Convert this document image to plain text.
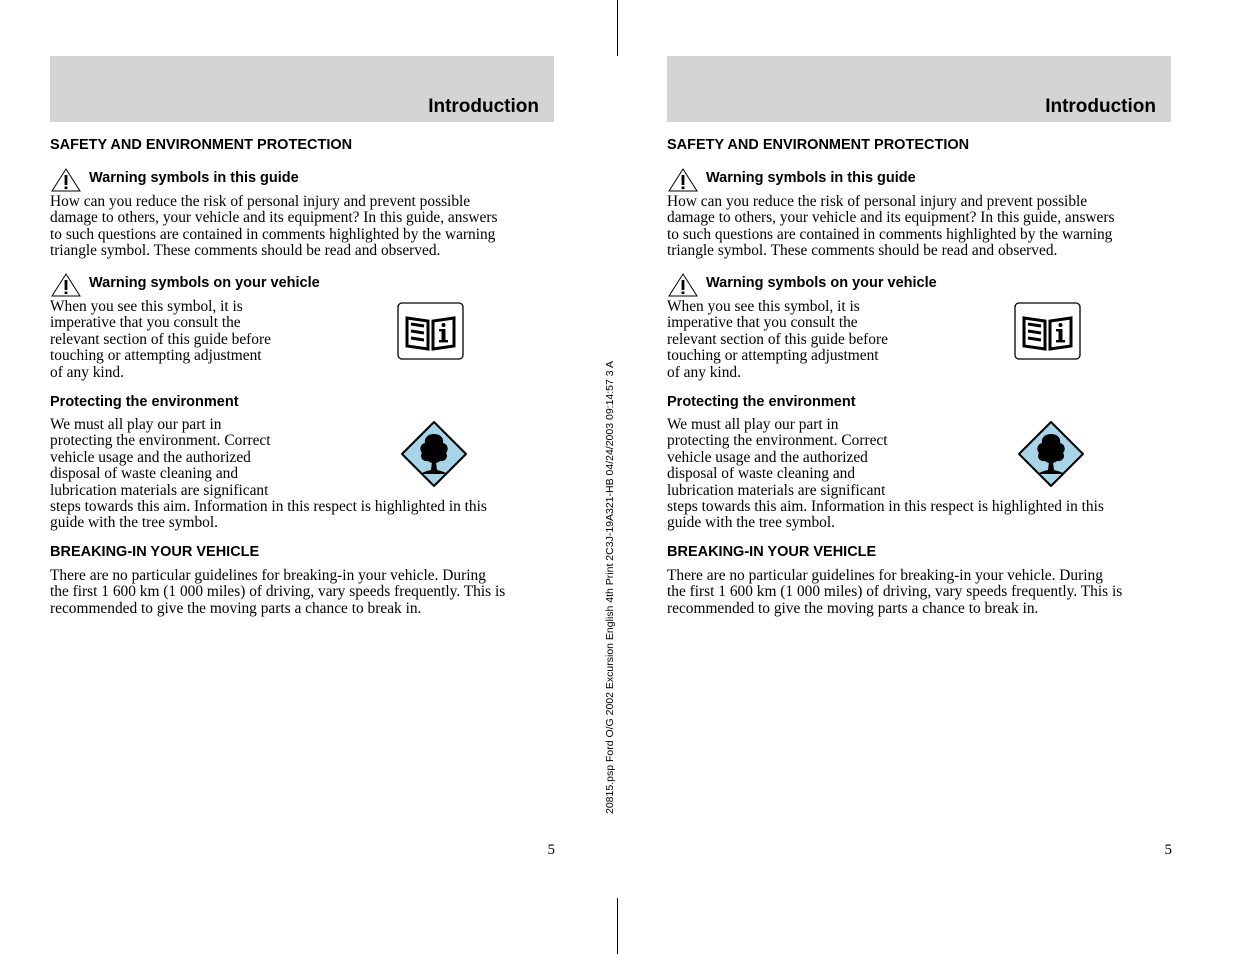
Introduction
SAFETY AND ENVIRONMENT PROTECTION
Warning symbols in this guide
How can you reduce the risk of personal injury and prevent possible
damage to others, your vehicle and its equipment? In this guide, answers
to such questions are contained in comments highlighted by the warning
triangle symbol. These comments should be read and observed.
Warning symbols on your vehicle
When you see this symbol, it is
imperative that you consult the
relevant section of this guide before
touching or attempting adjustment
of any kind.
Protecting the environment
We must all play our part in
protecting the environment. Correct
vehicle usage and the authorized
disposal of waste cleaning and
lubrication materials are significant
steps towards this aim. Information in this respect is highlighted in this
guide with the tree symbol.
BREAKING-IN YOUR VEHICLE
There are no particular guidelines for breaking-in your vehicle. During
the first 1 600 km (1 000 miles) of driving, vary speeds frequently. This is
recommended to give the moving parts a chance to break in.
5
Introduction
SAFETY AND ENVIRONMENT PROTECTION
Warning symbols in this guide
How can you reduce the risk of personal injury and prevent possible
damage to others, your vehicle and its equipment? In this guide, answers
to such questions are contained in comments highlighted by the warning
triangle symbol. These comments should be read and observed.
Warning symbols on your vehicle
When you see this symbol, it is
imperative that you consult the
relevant section of this guide before
touching or attempting adjustment
of any kind.
Protecting the environment
We must all play our part in
protecting the environment. Correct
vehicle usage and the authorized
disposal of waste cleaning and
lubrication materials are significant
steps towards this aim. Information in this respect is highlighted in this
guide with the tree symbol.
BREAKING-IN YOUR VEHICLE
There are no particular guidelines for breaking-in your vehicle. During
the first 1 600 km (1 000 miles) of driving, vary speeds frequently. This is
recommended to give the moving parts a chance to break in.
5
20815.psp Ford O/G 2002 Excursion English 4th Print 2C3J-19A321-HB 04/24/2003 09:14:57 3 A
